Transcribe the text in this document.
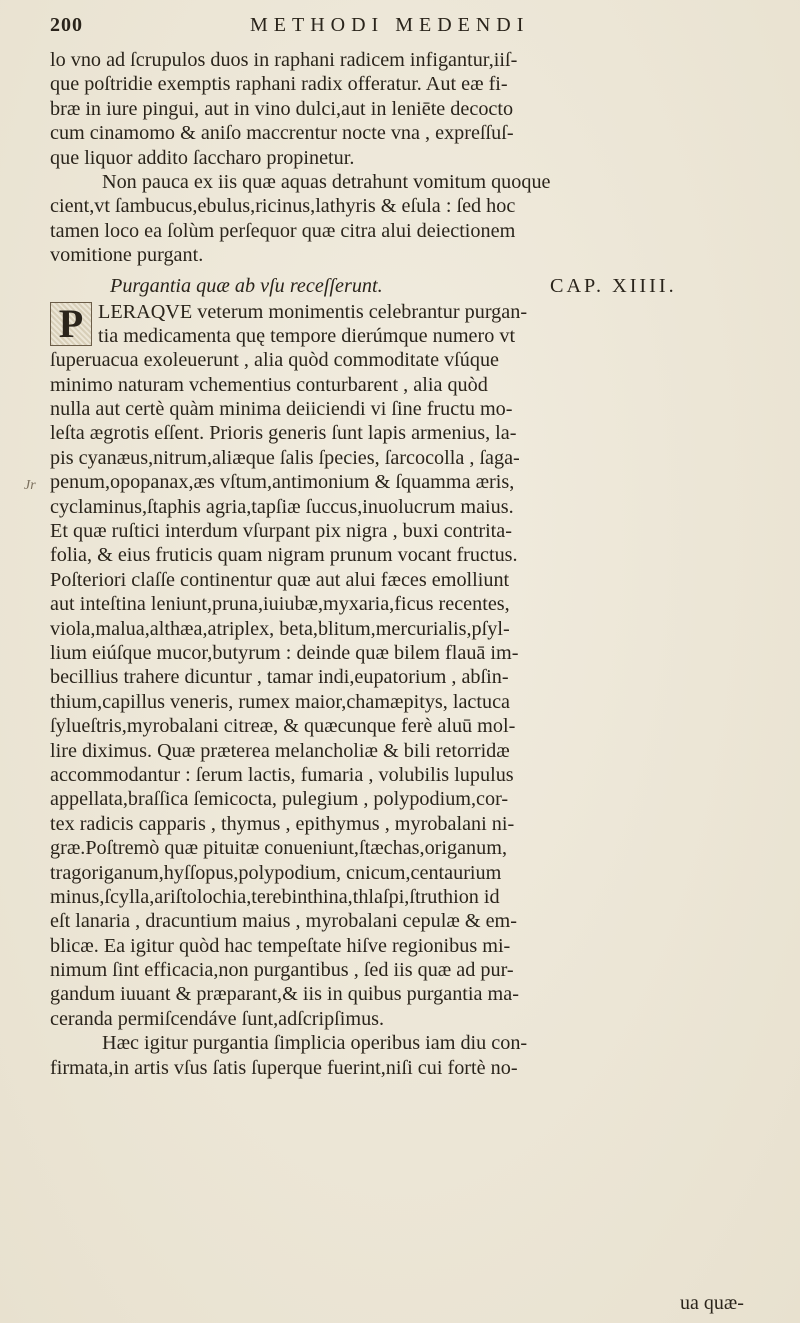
200	METHODI MEDENDI
Jr
lo vno ad ſcrupulos duos in raphani radicem infigantur,iiſ-
que poſtridie exemptis raphani radix offeratur. Aut eæ fi-
bræ in iure pingui, aut in vino dulci,aut in leniēte decocto
cum cinamomo & aniſo maccrentur nocte vna , expreſſuſ-
que liquor addito ſaccharo propinetur.
Non pauca ex iis quæ aquas detrahunt vomitum quoque
cient,vt ſambucus,ebulus,ricinus,lathyris & eſula : ſed hoc
tamen loco ea ſolùm perſequor quæ citra alui deiectionem
vomitione purgant.
Purgantia quæ ab vſu receſſerunt.	CAP. XIIII.
P LERAQVE veterum monimentis celebrantur purgan-
tia medicamenta quę tempore dierúmque numero vt
ſuperuacua exoleuerunt , alia quòd commoditate vſúque
minimo naturam vchementius conturbarent , alia quòd
nulla aut certè quàm minima deiiciendi vi ſine fructu mo-
leſta ægrotis eſſent. Prioris generis ſunt lapis armenius, la-
pis cyanæus,nitrum,aliæque ſalis ſpecies, ſarcocolla , ſaga-
penum,opopanax,æs vſtum,antimonium & ſquamma æris,
cyclaminus,ſtaphis agria,tapſiæ ſuccus,inuolucrum maius.
Et quæ ruſtici interdum vſurpant pix nigra , buxi contrita-
folia, & eius fruticis quam nigram prunum vocant fructus.
Poſteriori claſſe continentur quæ aut alui fæces emolliunt
aut inteſtina leniunt,pruna,iuiubæ,myxaria,ficus recentes,
viola,malua,althæa,atriplex, beta,blitum,mercurialis,pſyl-
lium eiúſque mucor,butyrum : deinde quæ bilem flauā im-
becillius trahere dicuntur , tamar indi,eupatorium , abſin-
thium,capillus veneris, rumex maior,chamæpitys, lactuca
ſylueſtris,myrobalani citreæ, & quæcunque ferè aluū mol-
lire diximus. Quæ præterea melancholiæ & bili retorridæ
accommodantur : ſerum lactis, fumaria , volubilis lupulus
appellata,braſſica ſemicocta, pulegium , polypodium,cor-
tex radicis capparis , thymus , epithymus , myrobalani ni-
græ.Poſtremò quæ pituitæ conueniunt,ſtæchas,origanum,
tragoriganum,hyſſopus,polypodium, cnicum,centaurium
minus,ſcylla,ariſtolochia,terebinthina,thlaſpi,ſtruthion id
eſt lanaria , dracuntium maius , myrobalani cepulæ & em-
blicæ. Ea igitur quòd hac tempeſtate hiſve regionibus mi-
nimum ſint efficacia,non purgantibus , ſed iis quæ ad pur-
gandum iuuant & præparant,& iis in quibus purgantia ma-
ceranda permiſcendáve ſunt,adſcripſimus.
Hæc igitur purgantia ſimplicia operibus iam diu con-
firmata,in artis vſus ſatis ſuperque fuerint,niſi cui fortè no-
ua quæ-
